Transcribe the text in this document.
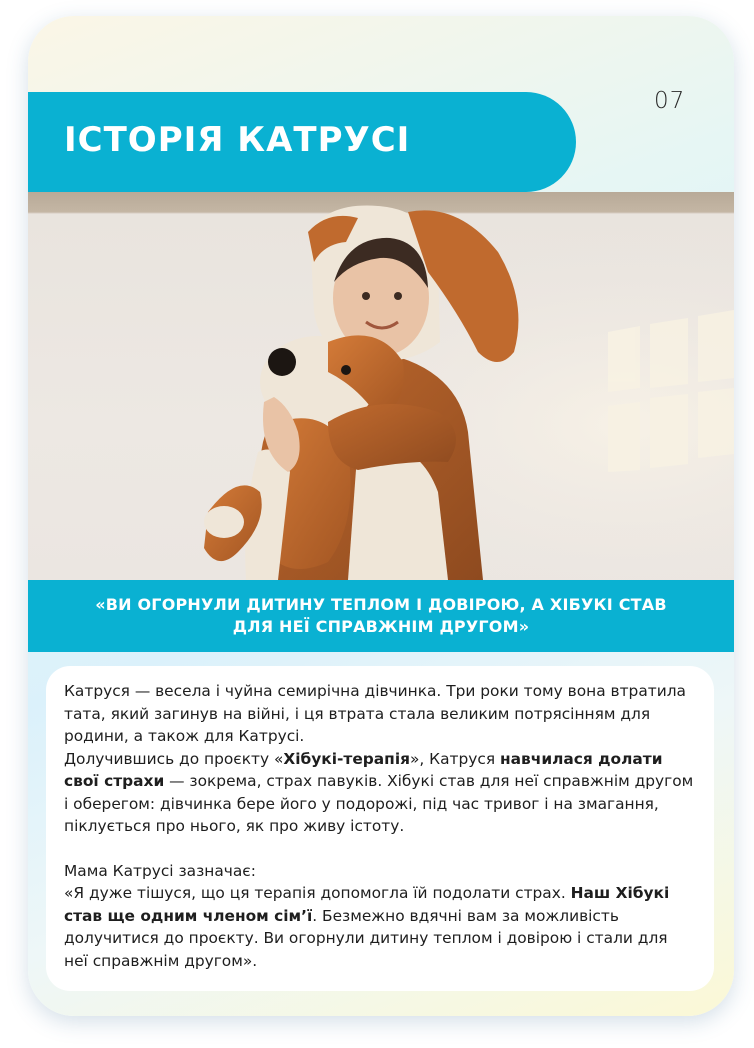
07
ІСТОРІЯ КАТРУСІ

«ВИ ОГОРНУЛИ ДИТИНУ ТЕПЛОМ І ДОВІРОЮ, А ХІБУКІ СТАВ
ДЛЯ НЕЇ СПРАВЖНІМ ДРУГОМ»

Катруся — весела і чуйна семирічна дівчинка. Три роки тому вона втратила тата, який загинув на війні, і ця втрата стала великим потрясінням для родини, а також для Катрусі.

Долучившись до проєкту «Хібукі-терапія», Катруся навчилася долати свої страхи — зокрема, страх павуків. Хібукі став для неї справжнім другом і оберегом: дівчинка бере його у подорожі, під час тривог і на змагання, піклується про нього, як про живу істоту.

Мама Катрусі зазначає:

«Я дуже тішуся, що ця терапія допомогла їй подолати страх. Наш Хібукі став ще одним членом сім’ї. Безмежно вдячні вам за можливість долучитися до проєкту. Ви огорнули дитину теплом і довірою і стали для неї справжнім другом».
